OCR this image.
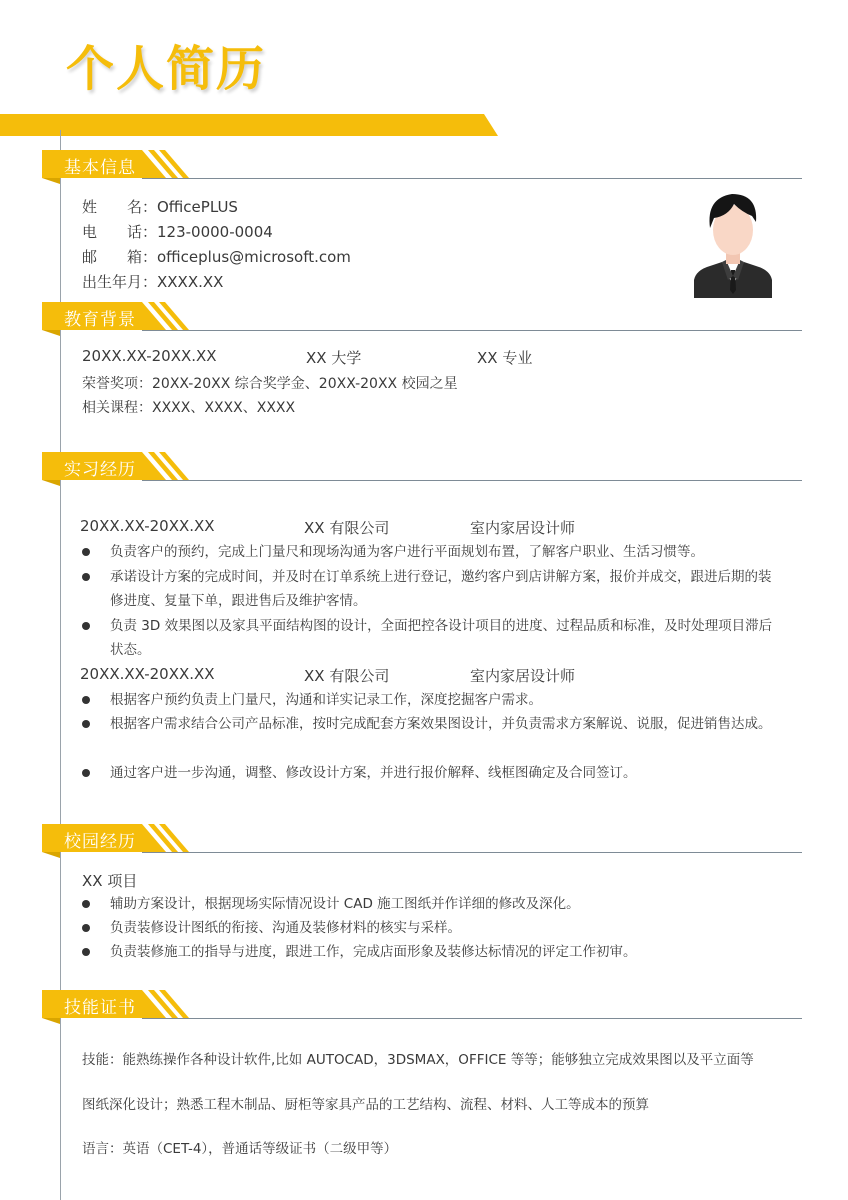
个人简历
基本信息
姓　　名：OfficePLUS
电　　话：123-0000-0004
邮　　箱：officeplus@microsoft.com
出生年月：XXXX.XX
教育背景
20XX.XX-20XX.XX	XX 大学	XX 专业
荣誉奖项：20XX-20XX 综合奖学金、20XX-20XX 校园之星
相关课程：XXXX、XXXX、XXXX
实习经历
20XX.XX-20XX.XX	XX 有限公司	室内家居设计师
负责客户的预约，完成上门量尺和现场沟通为客户进行平面规划布置，了解客户职业、生活习惯等。
承诺设计方案的完成时间，并及时在订单系统上进行登记，邀约客户到店讲解方案，报价并成交，跟进后期的装修进度、复量下单，跟进售后及维护客情。
负责 3D 效果图以及家具平面结构图的设计，全面把控各设计项目的进度、过程品质和标准，及时处理项目滞后状态。
20XX.XX-20XX.XX	XX 有限公司	室内家居设计师
根据客户预约负责上门量尺，沟通和详实记录工作，深度挖掘客户需求。
根据客户需求结合公司产品标准，按时完成配套方案效果图设计，并负责需求方案解说、说服，促进销售达成。
通过客户进一步沟通，调整、修改设计方案，并进行报价解释、线框图确定及合同签订。
校园经历
XX 项目
辅助方案设计，根据现场实际情况设计 CAD 施工图纸并作详细的修改及深化。
负责装修设计图纸的衔接、沟通及装修材料的核实与采样。
负责装修施工的指导与进度，跟进工作，完成店面形象及装修达标情况的评定工作初审。
技能证书
技能：能熟练操作各种设计软件,比如 AUTOCAD，3DSMAX，OFFICE 等等；能够独立完成效果图以及平立面等
图纸深化设计；熟悉工程木制品、厨柜等家具产品的工艺结构、流程、材料、人工等成本的预算
语言：英语（CET-4），普通话等级证书（二级甲等）
